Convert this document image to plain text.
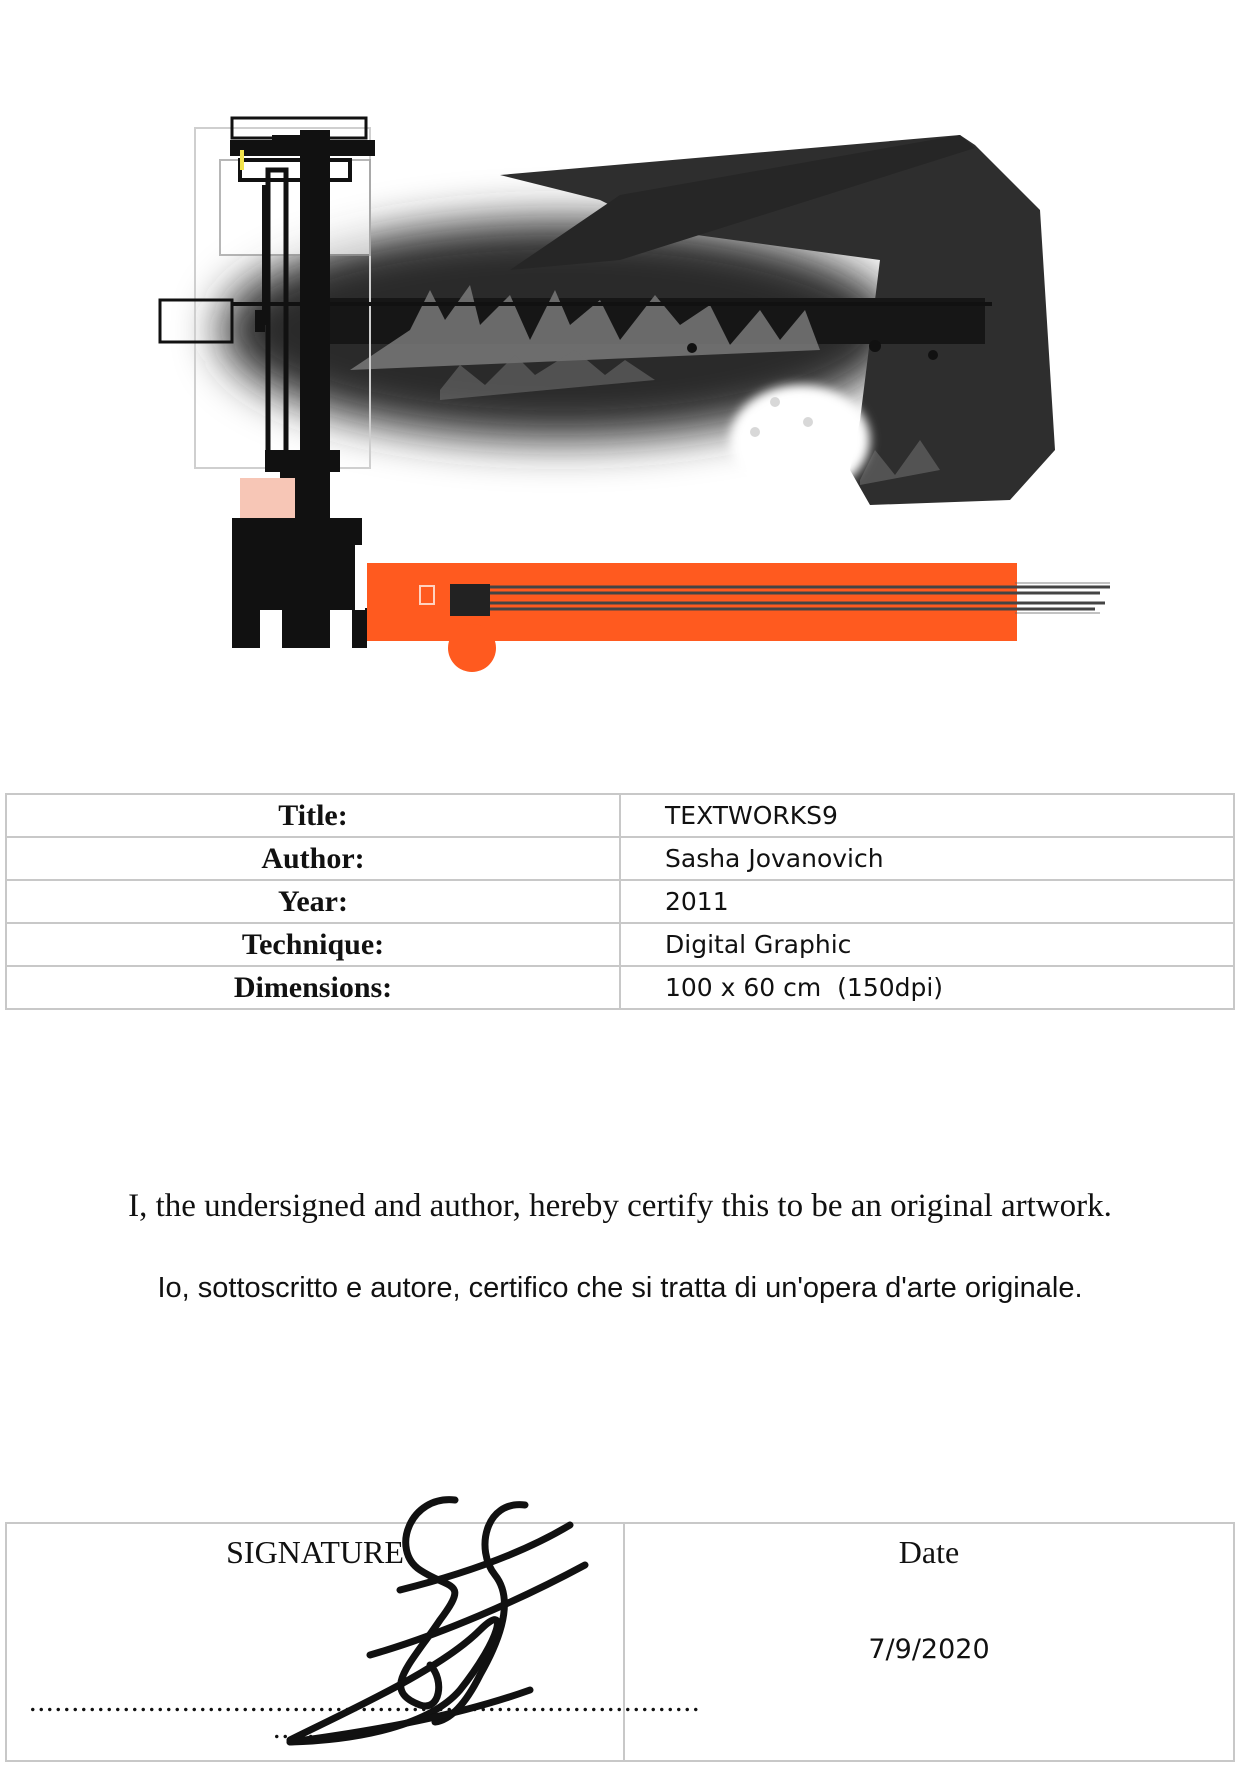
Title:	TEXTWORKS9
Author:	Sasha Jovanovich
Year:	2011
Technique:	Digital Graphic
Dimensions:	100 x 60 cm  (150dpi)
I, the undersigned and author, hereby certify this to be an original artwork.
Io, sottoscritto e autore, certifico che si tratta di un'opera d'arte originale.
SIGNATURE
...............................................................................
.........

Date
7/9/2020
